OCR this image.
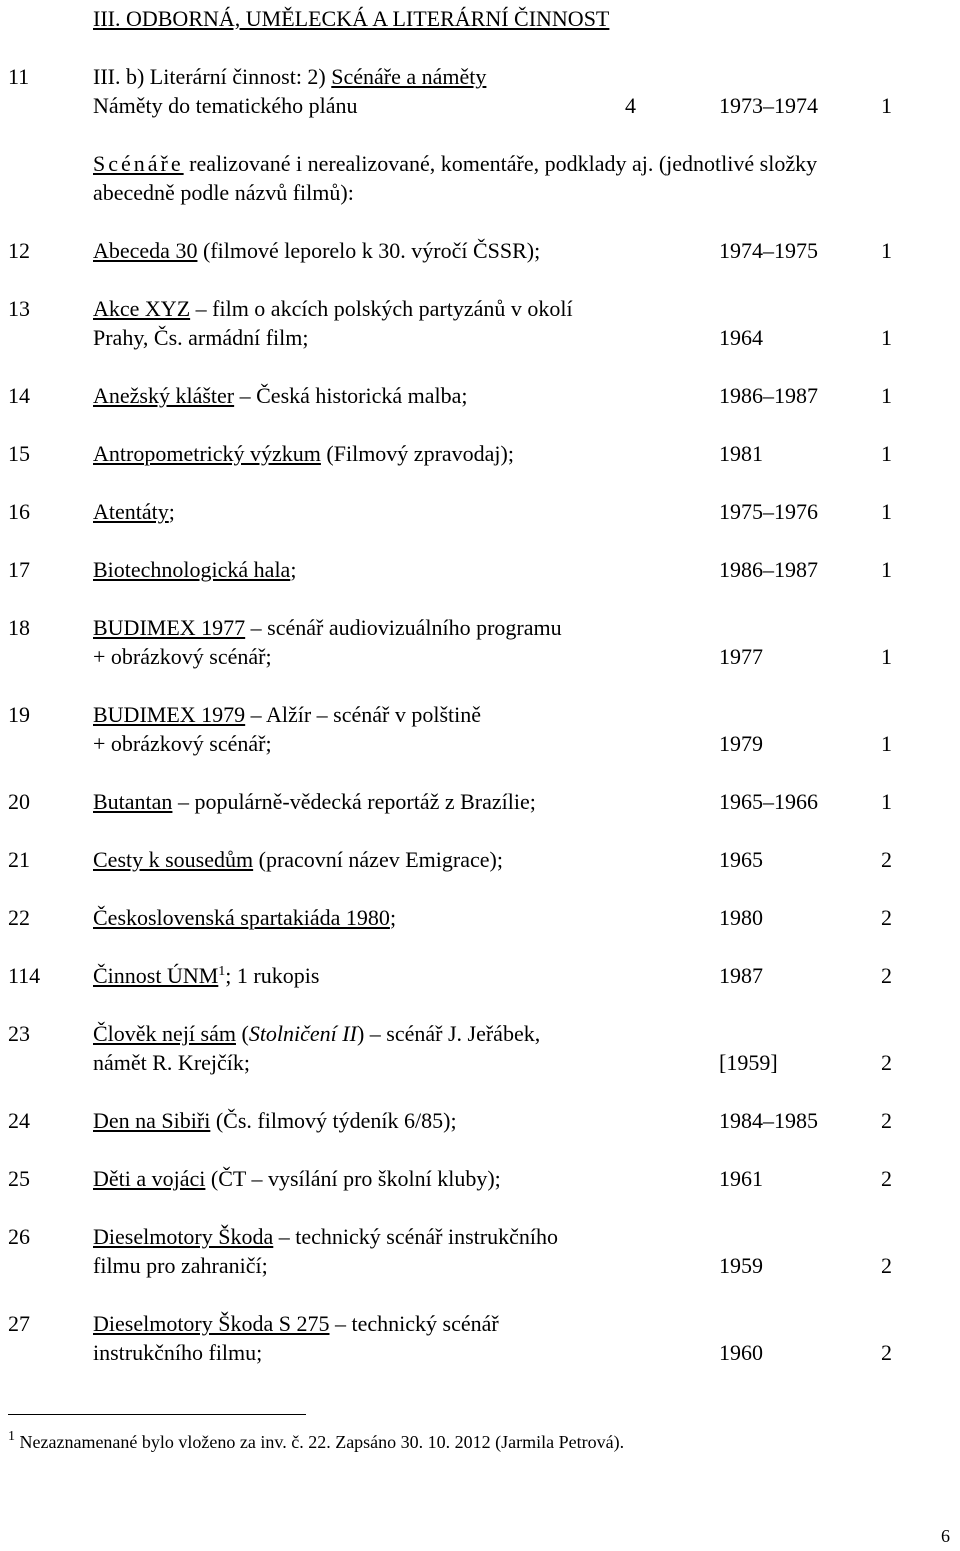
III. ODBORNÁ, UMĚLECKÁ A LITERÁRNÍ ČINNOST
11	III. b) Literární činnost: 2) Scénáře a náměty
Náměty do tematického plánu	4	1973–1974	1
Scénáře realizované i nerealizované, komentáře, podklady aj. (jednotlivé složky
abecedně podle názvů filmů):
12	Abeceda 30 (filmové leporelo k 30. výročí ČSSR);	1974–1975	1
13	Akce XYZ – film o akcích polských partyzánů v okolí
Prahy, Čs. armádní film;	1964	1
14	Anežský klášter – Česká historická malba;	1986–1987	1
15	Antropometrický výzkum (Filmový zpravodaj);	1981	1
16	Atentáty;	1975–1976	1
17	Biotechnologická hala;	1986–1987	1
18	BUDIMEX 1977 – scénář audiovizuálního programu
+ obrázkový scénář;	1977	1
19	BUDIMEX 1979 – Alžír – scénář v polštině
+ obrázkový scénář;	1979	1
20	Butantan – populárně-vědecká reportáž z Brazílie;	1965–1966	1
21	Cesty k sousedům (pracovní název Emigrace);	1965	2
22	Československá spartakiáda 1980;	1980	2
114 Činnost ÚNM$^1$; 1 rukopis	1987	2
23	Člověk nejí sám (Stolničení II) – scénář J. Jeřábek,
námět R. Krejčík;	[1959]	2
24	Den na Sibiři (Čs. filmový týdeník 6/85);	1984–1985	2
25	Děti a vojáci (ČT – vysílání pro školní kluby);	1961	2
26	Dieselmotory Škoda – technický scénář instrukčního
filmu pro zahraničí;	1959	2
27	Dieselmotory Škoda S 275 – technický scénář
instrukčního filmu;	1960	2
$^1$ Nezaznamenané bylo vloženo za inv. č. 22. Zapsáno 30. 10. 2012 (Jarmila Petrová).
6
